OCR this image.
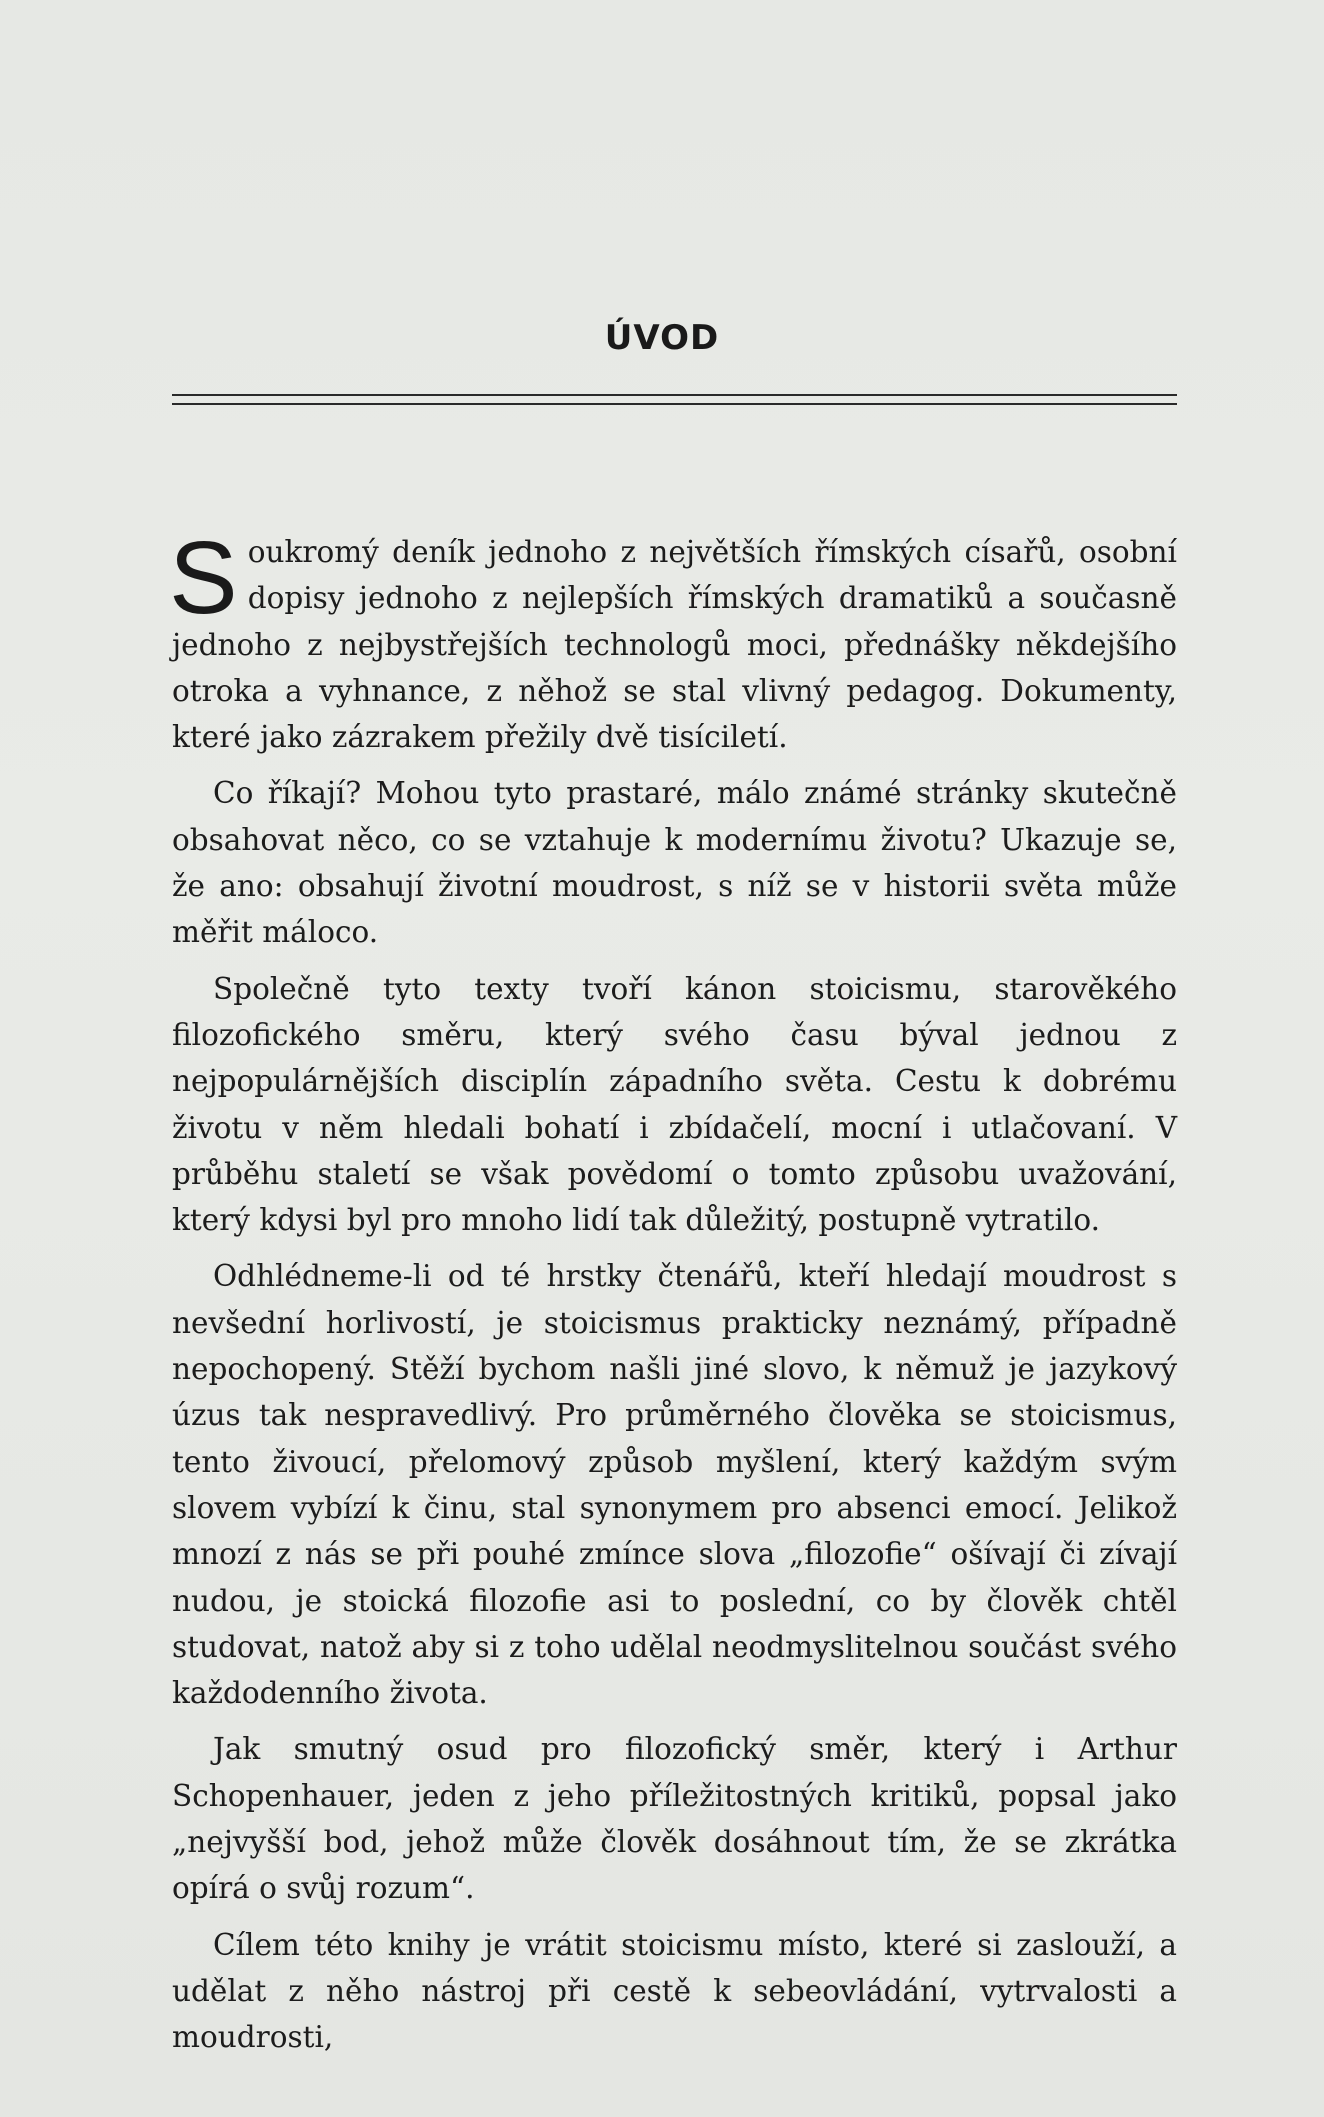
ÚVOD

Soukromý deník jednoho z největších římských císařů, osobní dopisy jednoho z nejlepších římských dramatiků a současně jednoho z nejbystřejších technologů moci, přednášky někdejšího otroka a vyhnance, z něhož se stal vlivný pedagog. Dokumenty, které jako zázrakem přežily dvě tisíciletí.

Co říkají? Mohou tyto prastaré, málo známé stránky skutečně obsahovat něco, co se vztahuje k modernímu životu? Ukazuje se, že ano: obsahují životní moudrost, s níž se v historii světa může měřit máloco.

Společně tyto texty tvoří kánon stoicismu, starověkého filozofického směru, který svého času býval jednou z nejpopulárnějších disciplín západního světa. Cestu k dobrému životu v něm hledali bohatí i zbídačelí, mocní i utlačovaní. V průběhu staletí se však povědomí o tomto způsobu uvažování, který kdysi byl pro mnoho lidí tak důležitý, postupně vytratilo.

Odhlédneme-li od té hrstky čtenářů, kteří hledají moudrost s nevšední horlivostí, je stoicismus prakticky neznámý, případně nepochopený. Stěží bychom našli jiné slovo, k němuž je jazykový úzus tak nespravedlivý. Pro průměrného člověka se stoicismus, tento živoucí, přelomový způsob myšlení, který každým svým slovem vybízí k činu, stal synonymem pro absenci emocí. Jelikož mnozí z nás se při pouhé zmínce slova „filozofie“ ošívají či zívají nudou, je stoická filozofie asi to poslední, co by člověk chtěl studovat, natož aby si z toho udělal neodmyslitelnou součást svého každodenního života.

Jak smutný osud pro filozofický směr, který i Arthur Schopenhauer, jeden z jeho příležitostných kritiků, popsal jako „nejvyšší bod, jehož může člověk dosáhnout tím, že se zkrátka opírá o svůj rozum“.

Cílem této knihy je vrátit stoicismu místo, které si zaslouží, a udělat z něho nástroj při cestě k sebeovládání, vytrvalosti a moudrosti,
